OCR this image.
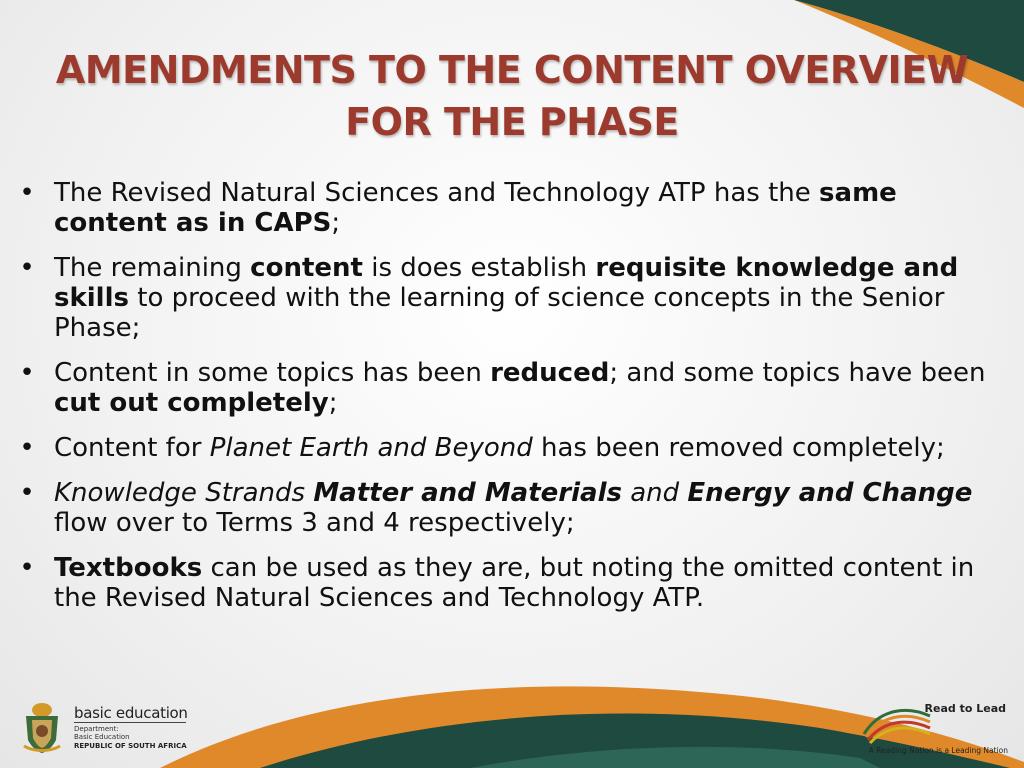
AMENDMENTS TO THE CONTENT OVERVIEW
FOR THE PHASE
• The Revised Natural Sciences and Technology ATP has the same content as in CAPS;
• The remaining content is does establish requisite knowledge and skills to proceed with the learning of science concepts in the Senior Phase;
• Content in some topics has been reduced; and some topics have been cut out completely;
• Content for Planet Earth and Beyond has been removed completely;
• Knowledge Strands Matter and Materials and Energy and Change flow over to Terms 3 and 4 respectively;
• Textbooks can be used as they are, but noting the omitted content in the Revised Natural Sciences and Technology ATP.
basic education
Department:
Basic Education
REPUBLIC OF SOUTH AFRICA
Read to Lead
A Reading Nation is a Leading Nation
